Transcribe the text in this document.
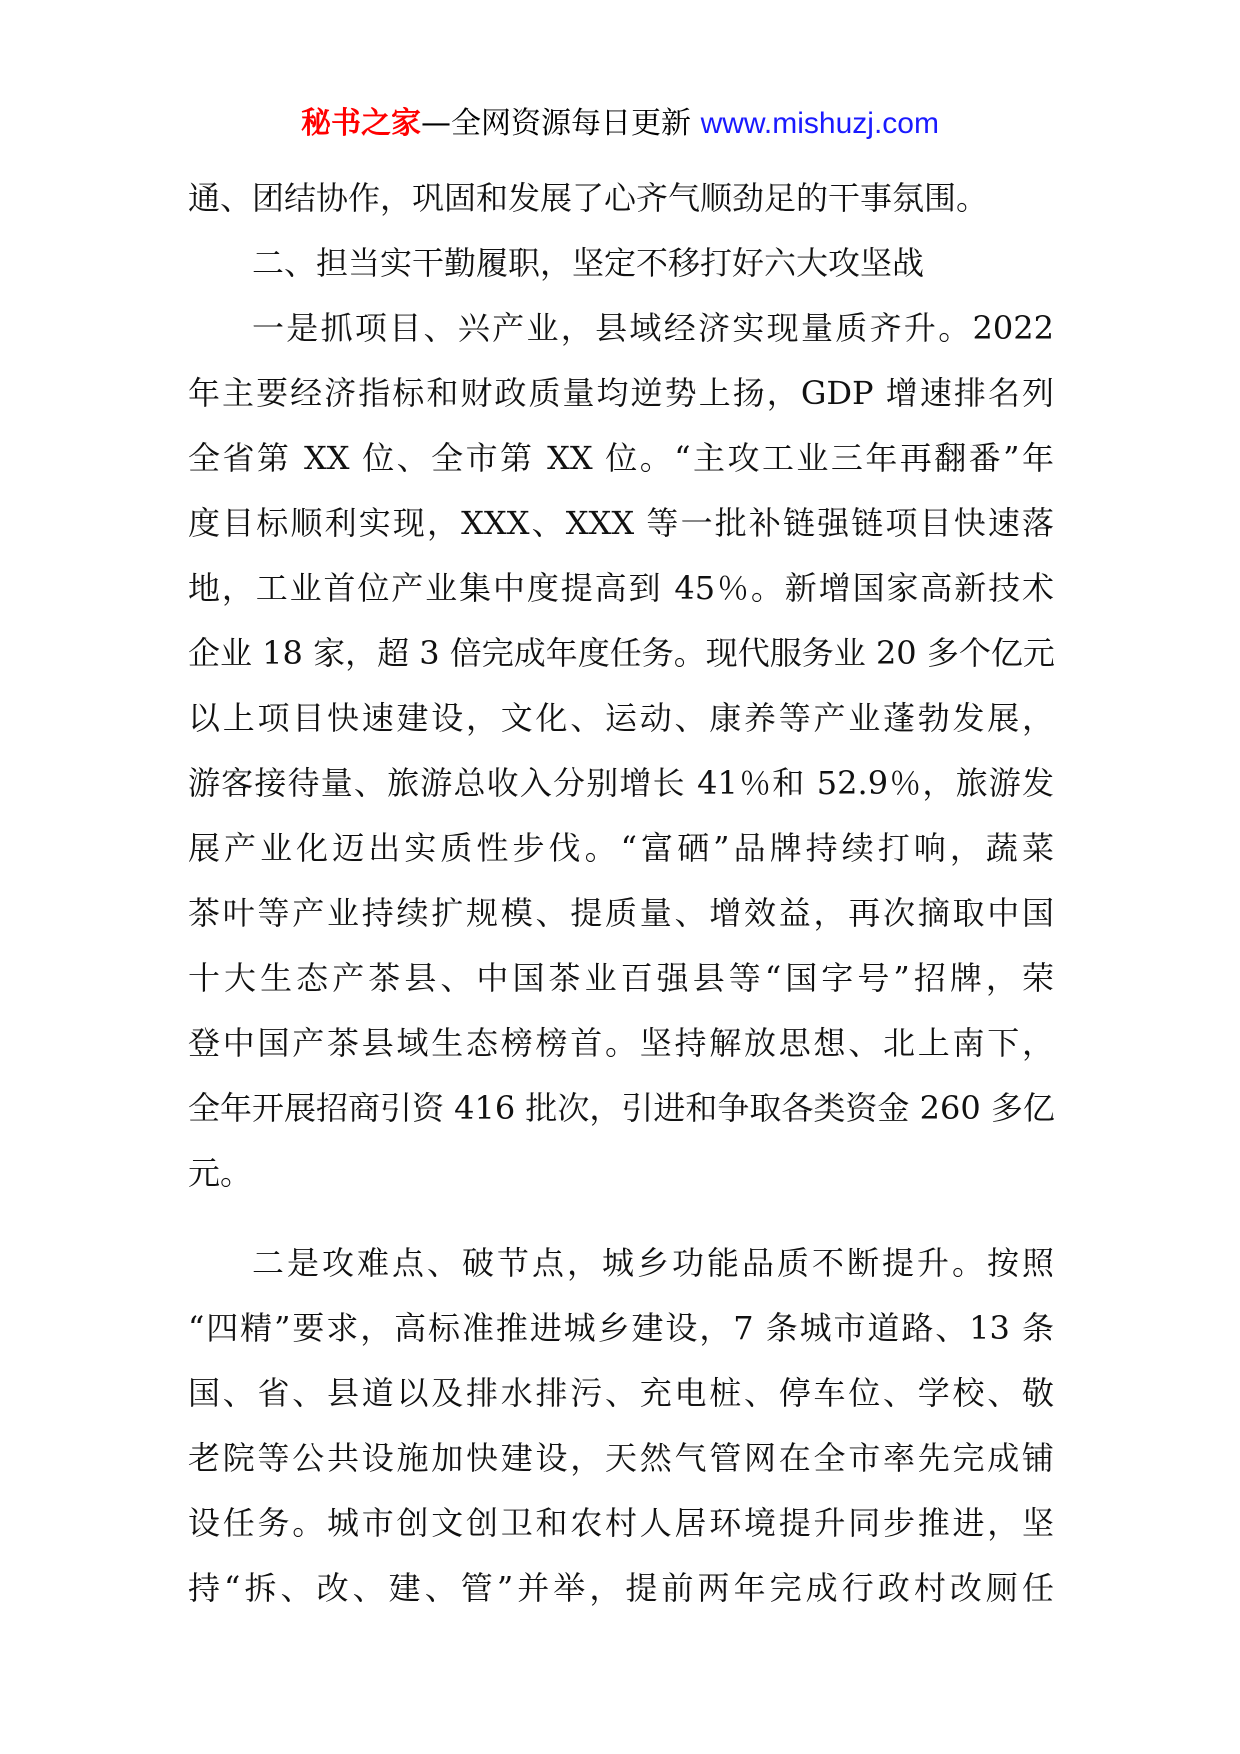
秘书之家—全网资源每日更新 www.mishuzj.com
通、团结协作，巩固和发展了心齐气顺劲足的干事氛围。
二、担当实干勤履职，坚定不移打好六大攻坚战
一是抓项目、兴产业，县域经济实现量质齐升。2022
年主要经济指标和财政质量均逆势上扬，GDP 增速排名列
全省第 XX 位、全市第 XX 位。“主攻工业三年再翻番”年
度目标顺利实现，XXX、XXX 等一批补链强链项目快速落
地，工业首位产业集中度提高到 45％。新增国家高新技术
企业 18 家，超 3 倍完成年度任务。现代服务业 20 多个亿元
以上项目快速建设，文化、运动、康养等产业蓬勃发展，
游客接待量、旅游总收入分别增长 41％和 52.9％，旅游发
展产业化迈出实质性步伐。“富硒”品牌持续打响，蔬菜
茶叶等产业持续扩规模、提质量、增效益，再次摘取中国
十大生态产茶县、中国茶业百强县等“国字号”招牌，荣
登中国产茶县域生态榜榜首。坚持解放思想、北上南下，
全年开展招商引资 416 批次，引进和争取各类资金 260 多亿
元。
二是攻难点、破节点，城乡功能品质不断提升。按照
“四精”要求，高标准推进城乡建设，7 条城市道路、13 条
国、省、县道以及排水排污、充电桩、停车位、学校、敬
老院等公共设施加快建设，天然气管网在全市率先完成铺
设任务。城市创文创卫和农村人居环境提升同步推进，坚
持“拆、改、建、管”并举，提前两年完成行政村改厕任
